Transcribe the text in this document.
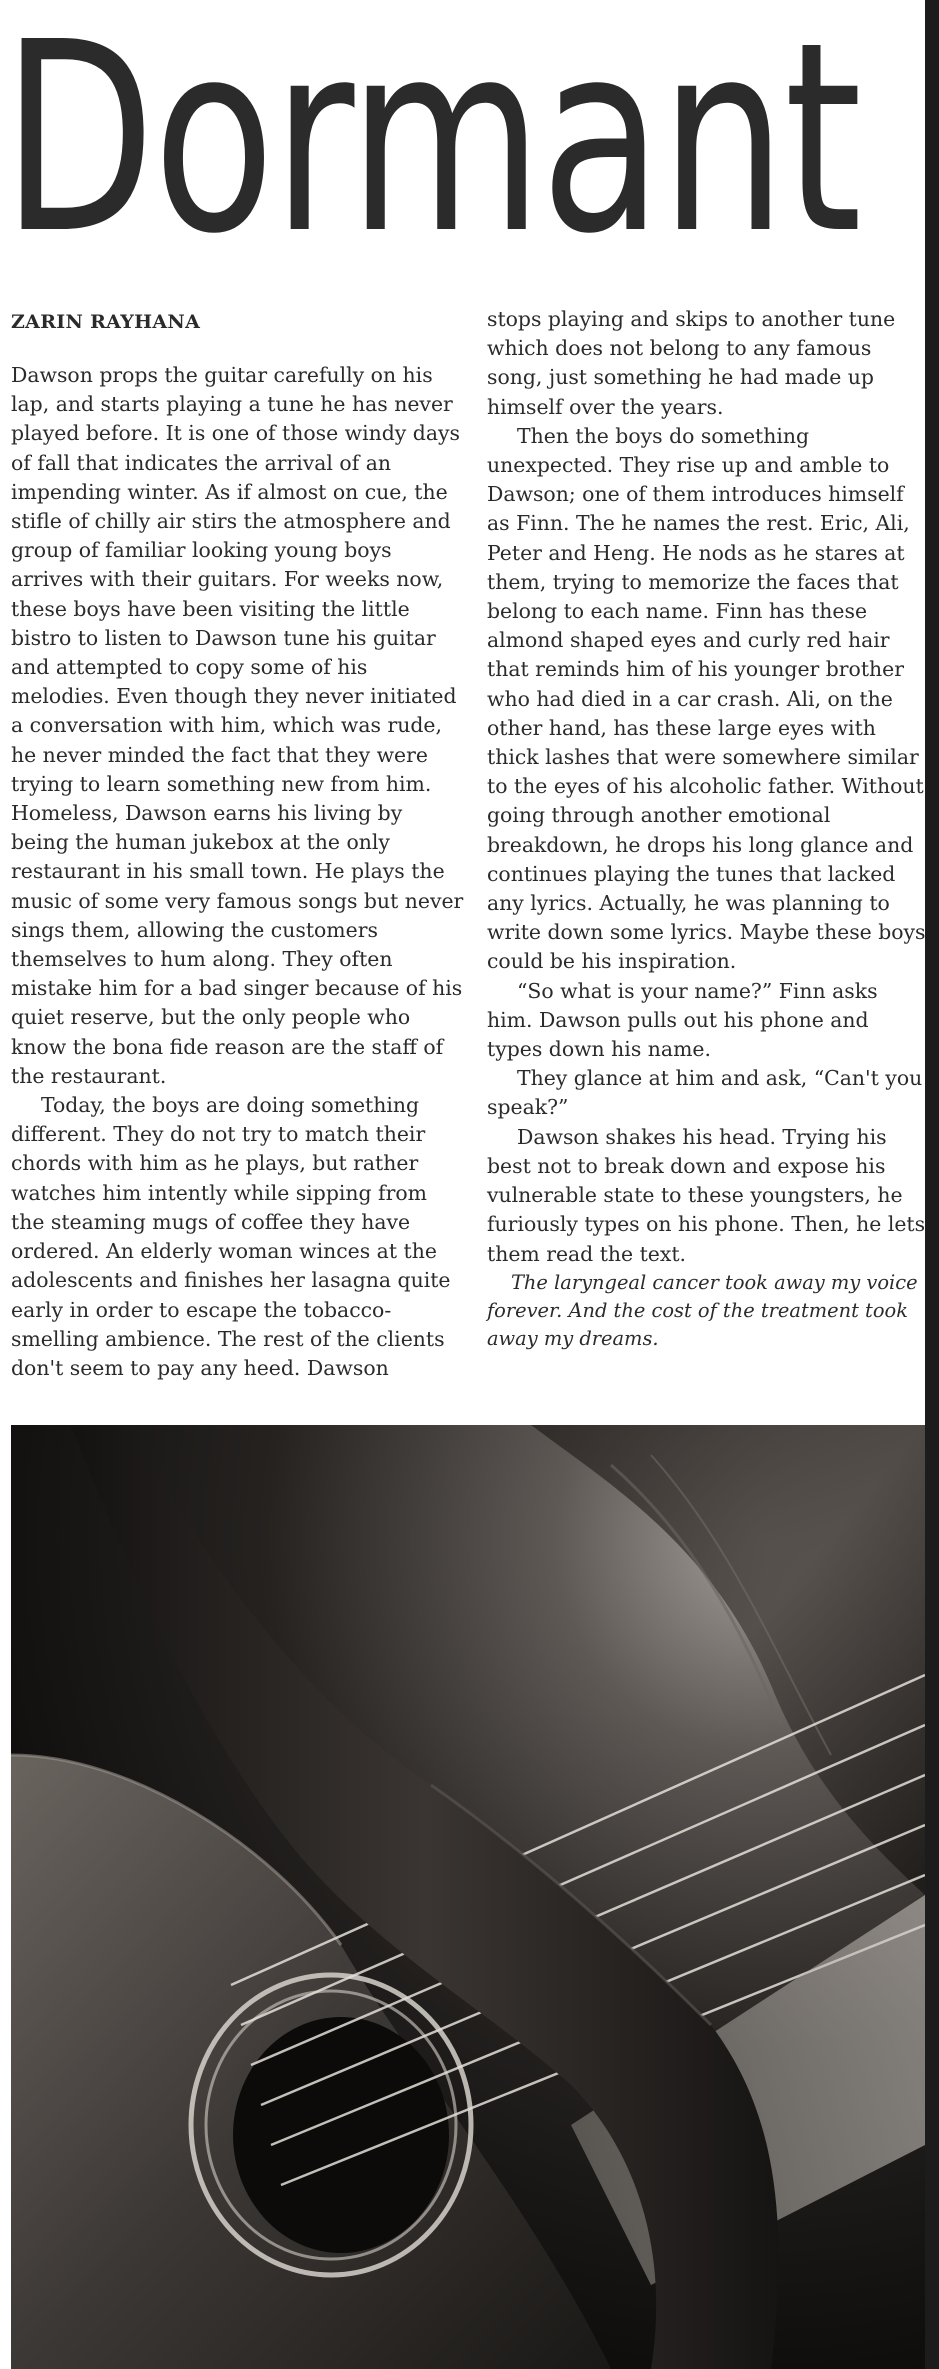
Dormant
ZARIN RAYHANA

Dawson props the guitar carefully on his lap, and starts playing a tune he has never played before. It is one of those windy days of fall that indicates the arrival of an impending winter. As if almost on cue, the stifle of chilly air stirs the atmosphere and group of familiar looking young boys arrives with their guitars. For weeks now, these boys have been visiting the little bistro to listen to Dawson tune his guitar and attempted to copy some of his melodies. Even though they never initiated a conversation with him, which was rude, he never minded the fact that they were trying to learn something new from him. Homeless, Dawson earns his living by being the human jukebox at the only restaurant in his small town. He plays the music of some very famous songs but never sings them, allowing the customers themselves to hum along. They often mistake him for a bad singer because of his quiet reserve, but the only people who know the bona fide reason are the staff of the restaurant.

Today, the boys are doing something different. They do not try to match their chords with him as he plays, but rather watches him intently while sipping from the steaming mugs of coffee they have ordered. An elderly woman winces at the adolescents and finishes her lasagna quite early in order to escape the tobacco-smelling ambience. The rest of the clients don't seem to pay any heed. Dawson

stops playing and skips to another tune which does not belong to any famous song, just something he had made up himself over the years.

Then the boys do something unexpected. They rise up and amble to Dawson; one of them introduces himself as Finn. The he names the rest. Eric, Ali, Peter and Heng. He nods as he stares at them, trying to memorize the faces that belong to each name. Finn has these almond shaped eyes and curly red hair that reminds him of his younger brother who had died in a car crash. Ali, on the other hand, has these large eyes with thick lashes that were somewhere similar to the eyes of his alcoholic father. Without going through another emotional breakdown, he drops his long glance and continues playing the tunes that lacked any lyrics. Actually, he was planning to write down some lyrics. Maybe these boys could be his inspiration.

“So what is your name?” Finn asks him. Dawson pulls out his phone and types down his name.

They glance at him and ask, “Can't you speak?”

Dawson shakes his head. Trying his best not to break down and expose his vulnerable state to these youngsters, he furiously types on his phone. Then, he lets them read the text.

The laryngeal cancer took away my voice forever. And the cost of the treatment took away my dreams.
